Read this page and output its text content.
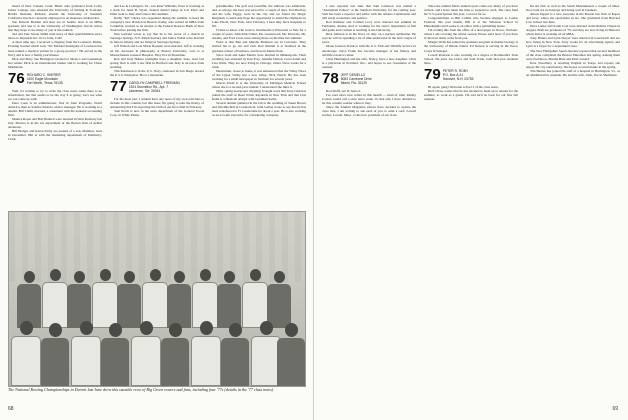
mond of New Canaan, Conn. Heidi, who graduated from Colby Junior College, also attended the University of Stirling in Scotland. Heidi's husband, Richard, attends the University of Southern California. Kevin is currently employed as an insurance underwriter.

Sue Roberts Brasher and Ron are in Seattle. Ron is an MBA graduate and Sue is at the University of Washington. Kevin writes that they hope to see many of you at the reunion.

Ted and Jane Saxon Smith send news of their grandchildren and a move to Reynolds Inc. in La Jolla, Calif.

A short time ago, I received a clipping from the Lewiston, Maine, Evening Journal which said, "Dr. Michael Rodriguez of Lewiston has been named a medical partner in a group practice." He served in the Navy and is now a family practitioner.

Dick and Mary Sue Holmgren traveled to Mexico and Guatemala last winter. Dick is an international banker and is working for Chase Manhattan.

76 RICHARD C. SHERER
4100 Eagle Mountain
Fort Worth, Texas 76135

Well, it's terrible to try to write the class notes when there is no information, but that seems to be the way it is going. Let's see what we can come up with.

Peter Cook is an administrator, first in Joint Programs, North America, then as Sandra Orlando, ad-hoc manager. He is working as a dentist. Bill Cahill, married, a consultant with the national accounting firm.

Monica Roper and Bob Bennett were married in West Roxbury last July. Monica is in the tax department of the Boston firm of Arthur Andersen.

Bill Hodges and Karen Kirby are parents of a son, Matthew, born in December. Bill is with the marketing department of Kimberly-Clark.

and Lee in Lexington, Va., was Peter Williams. Peter is working as a clerk for Janet B. Wyatt, federal district judge in Cal. Peter and Ellen went to Italy and Greece this summer.

Kathy "Kit" Cheny was appointed during the summer to head the company's new division in Boston. Kathy, who earned an MBA from Columbia, worked as an analyst at the Federal Reserve Bank of New York before joining the firm.

Dan Garland wrote to say that he is the rector of a church in Saratoga Springs, N.Y. Ralph Seabury and Janice Walsh were married in June in Albany and are living in Saratoga Springs.

Jeff Wilson and Lois Marie Roussin were married. Jeff is working on his doctorate in philosophy at Boston University. Lois is at Massachusetts General Hospital. They live in Brookline.

Rob and Judy Haines Gallagher have a daughter, Kate, born last spring. Rob is with a law firm in Hartford and Judy is on leave from teaching.

Tim Robinson is in the U.S. Navy, stationed in San Diego aboard the U.S.S. Enterprise. He is a lieutenant.

77 CAROLYN CAMPBELL FREEMAN
1304 Dunnellon Rd., Apt. 7
Lawrence, Ga. 30044

For the most part, I seldom have any news of my own activities to include in this column, but this issue I'm going to take the liberty of announcing that I'm expecting the birth of our first child in February.

Tom Perch is now in the sales department of the General Foods Corp. in White Plains.

grandmother. The golf was beautiful, the sailboat was admirable, and, as always, the beer was served for a couple of days. Ted MacKay and his wife, Peggy, were in the city and we found the Magic Kingdom. I could only hope the opportunity to attend the Olympics in Lake Placid, New York, next February. I hear they have hospitals to fill.

I'd like to know who went to Dartmouth or Princeton or Yale for a couple of years. John Kirk Utiner, Ms. Greenwood, Mr. Knowles, Mr. Adams, and Fred Cross were among those on the hike last summer.

Word is that Ben and Marsha Bramson are in Colorado. They invited me to go out and visit. Rob Riddell is at Stanford in the graduate school of business, and lives in Menlo Park.

Steve Gold and Anne Martin were married in Minneapolis. Their wedding was attended by Ken Frey, Jennifer Dalton, Carol Arndt and Lisa Wells. They are now living in Chicago, where Steve works for a bank.

Meanwhile, closer to home, it was announced that the Valley News of the Upper Valley has a new editor, Nick Welch. He has been working for a small newspaper in Vermont for several years.

Marcia Pruitt is at the University of Michigan Medical School where she is a second-year student. I understand she likes it.

Other spring newspaper clippings brought word that Tony Link has joined the staff of Dean Witter Reynolds in New York and that Lisa Kahn is a financial analyst with Goldman Sachs.

Several alumni gathered in the fall at the wedding of Susan Brown and Jim Mitchell in Connecticut. John Gallop wrote to say that he has been transferred to Ft. Lauderdale for about a year. He is also working as an account executive for a marketing company.

The National Rowing Championships in Detroit last June drew this sizeable crew of Big Green rowers and fans, including four '77s (details in the '77 class notes).
68

I also reported last June that Sam Cameron was named a "Journalism Fellow" at the Stanford University for the coming year. Sam has been a reporter and editor with the Atlanta Constitution and will study economics and politics.

Rod Ramirez and Carmen Levy were married last summer in Fairbanks, Alaska. Rod is working for the state's department of fish and game and Carmen is teaching at the University.

Rick Johnson is in the Navy on duty on a nuclear submarine. He says he will be spending a lot of time underwater in the next couple of years.

Diane Jackson Frank is with the U.S. Fish and Wildlife Service in Anchorage. Dave Frank has become manager of the fishery and wildlife resource center.

Chris Huntington and his wife, Nancy, have a new daughter. Chris is a physician in Portland, Ore., and hopes to see classmates at the reunion.

78 JEFF DEMELLO
5083 Cambone Drive
Miami, Fla. 33129

Rod Wolff, Art II, Suite 2.

I've read news now rolled in this month — kind of what Johnny Carson would call a slow news week. To that end, I have decided to let this column wander where it may.

Since the Alumni Magazine editors have decided to update the class lists, I am writing to ask each of you to send a card. Lowell Garber, Lowell, Mass., is the new president of our class.

Since the alumni fund's annual report came out, many of you have written, and I have taken the time to respond to each. The class fund hit 71% participation this year, a record for us.

Congratulations to Bill Collins who became engaged to Louise Fremont this past month. Bill is at the Wharton School in Philadelphia and Louise is an editor with a publishing house.

I'm writing this from the office of a newspaper in Stowe, Vermont, where I am covering the winter season. Please send news if you have it; the best items come from you.

Margie Wells has joined the graduate program in marine biology at the University of Rhode Island. Ed Nelson is serving in the Peace Corps in Senegal.

Lowell Peterson is also working on a degree at Dartmouth's Tuck School. He joins Joe Lister and Sam Trask, both first-year students there.

79 PETER R. ROBY
P.O. Box A-41
Hanover, N.H. 03755

Hi again, gang! Welcome to Part 3 of the class notes.

Rich Chase writes that he has decided to head up to Alaska for the summer, to work as a guide. I'm told he'll be back for our first fall reunion.

his ski club as well as the South Mountaineers a couple of times. Now both are in Saratoga and doing well in business.

Alison Pepper is a new associate in the Boston law firm of Ropes and Gray, where she specializes in tax. She graduated from Harvard Law School last June.

Dave Lanier and Sarah Cole were married in the Rollins Chapel in August. Both are graduates of '79, and they are now living in Hanover where Dave is working on an MBA.

Tony Hanna and Lynn Dwyer were married in Greenwich and are now living in New York. Tony works for an advertising agency and Lynn is a buyer for a department store.

The New Hampshire Sports Review reported that several members of the class completed the Boston Marathon last spring. Among them were Fred Ross, Martha Hale and Peter Leland.

Kate Woodbury is teaching English in Tokyo and reports she enjoys the city enormously. She hopes to return home in the spring.

Tim Barnes has joined the staff of a hospital in Burlington, Vt., as an administrative assistant. He and his wife, Julie, live in Shelburne.

69
